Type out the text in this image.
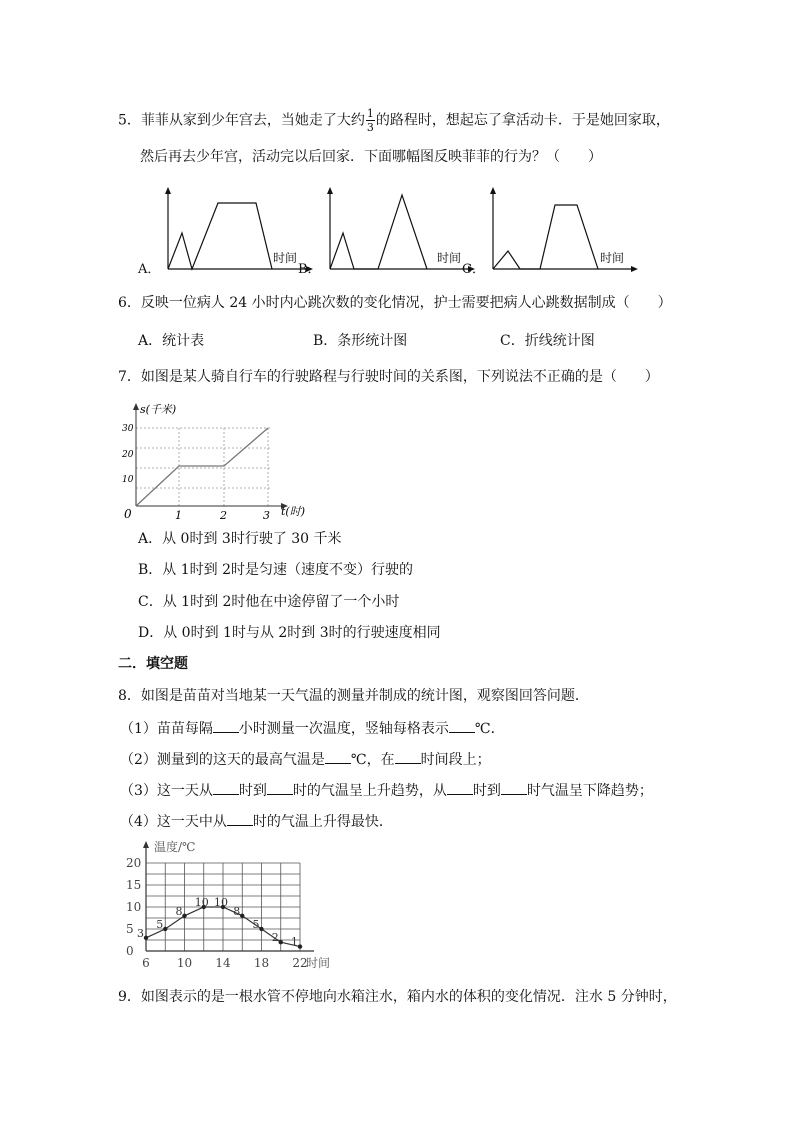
5．菲菲从家到少年宫去，当她走了大约 $\frac{1}{3}$ 的路程时，想起忘了拿活动卡．于是她回家取，
然后再去少年宫，活动完以后回家．下面哪幅图反映菲菲的行为？（　　）
A．
时间
B．
时间
C．
时间
6．反映一位病人 24 小时内心跳次数的变化情况，护士需要把病人心跳数据制成（　　）
A．统计表	B．条形统计图	C．折线统计图
7．如图是某人骑自行车的行驶路程与行驶时间的关系图，下列说法不正确的是（　　）
s(千米)
30
20
10
0	1	2	3 t(时)
A．从 0时到 3时行驶了 30 千米
B．从 1时到 2时是匀速（速度不变）行驶的
C．从 1时到 2时他在中途停留了一个小时
D．从 0时到 1时与从 2时到 3时的行驶速度相同
二．填空题
8．如图是苗苗对当地某一天气温的测量并制成的统计图，观察图回答问题．
（1）苗苗每隔 小时测量一次温度，竖轴每格表示 ℃．
（2）测量到的这天的最高气温是 ℃，在 时间段上；
（3）这一天从 时到 时的气温呈上升趋势，从 时到 时气温呈下降趋势；
（4）这一天中从 时的气温上升得最快．
20
15
10
5
0
6 10 14 18 22
温度/℃
时间
3
5
8
10 10
8
5
2 1
9．如图表示的是一根水管不停地向水箱注水，箱内水的体积的变化情况．注水 5 分钟时，
